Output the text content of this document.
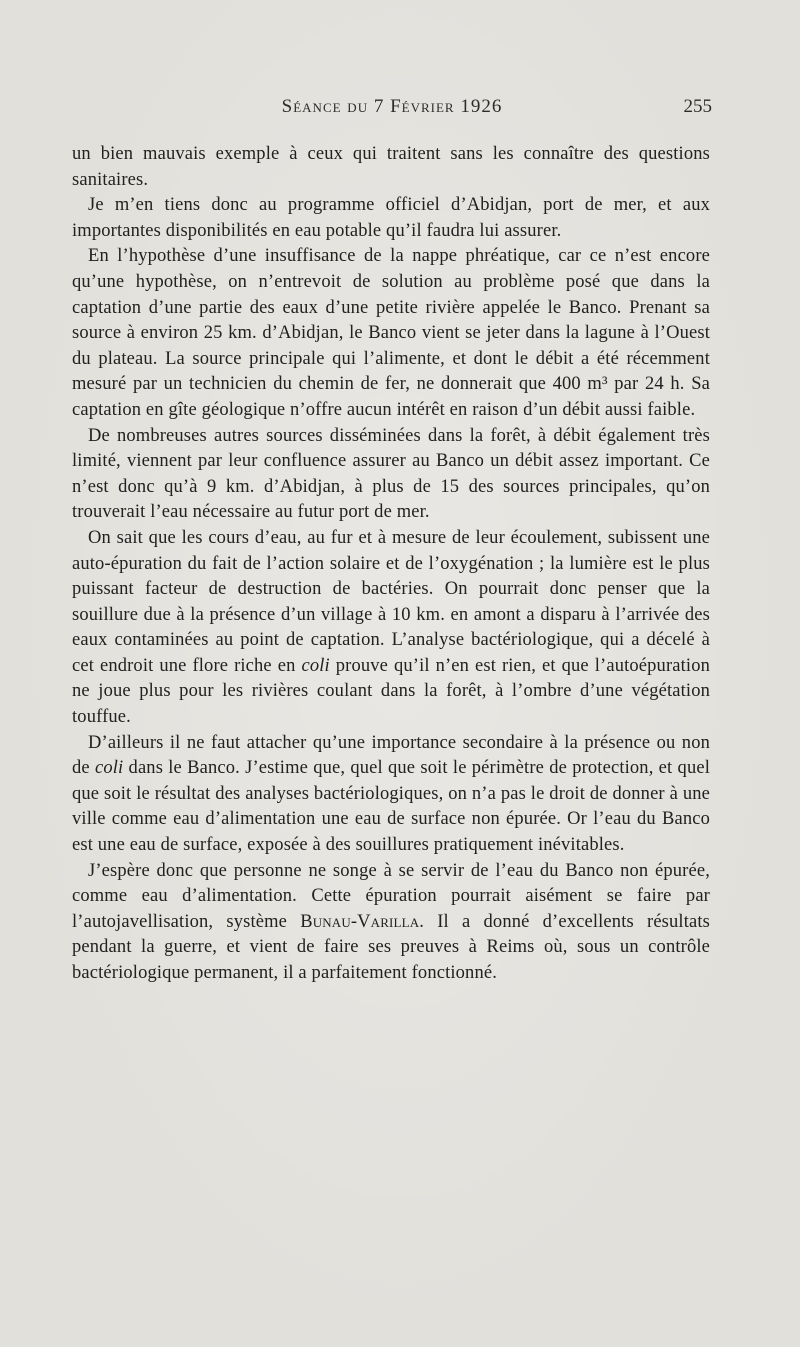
Séance du 7 Février 1926	255

un bien mauvais exemple à ceux qui traitent sans les connaître des questions sanitaires.

Je m’en tiens donc au programme officiel d’Abidjan, port de mer, et aux importantes disponibilités en eau potable qu’il faudra lui assurer.

En l’hypothèse d’une insuffisance de la nappe phréatique, car ce n’est encore qu’une hypothèse, on n’entrevoit de solution au problème posé que dans la captation d’une partie des eaux d’une petite rivière appelée le Banco. Prenant sa source à environ 25 km. d’Abidjan, le Banco vient se jeter dans la lagune à l’Ouest du plateau. La source principale qui l’alimente, et dont le débit a été récemment mesuré par un technicien du chemin de fer, ne donnerait que 400 m³ par 24 h. Sa captation en gîte géologique n’offre aucun intérêt en raison d’un débit aussi faible.

De nombreuses autres sources disséminées dans la forêt, à débit également très limité, viennent par leur confluence assurer au Banco un débit assez important. Ce n’est donc qu’à 9 km. d’Abidjan, à plus de 15 des sources principales, qu’on trouverait l’eau nécessaire au futur port de mer.

On sait que les cours d’eau, au fur et à mesure de leur écoulement, subissent une auto-épuration du fait de l’action solaire et de l’oxygénation ; la lumière est le plus puissant facteur de destruction de bactéries. On pourrait donc penser que la souillure due à la présence d’un village à 10 km. en amont a disparu à l’arrivée des eaux contaminées au point de captation. L’analyse bactériologique, qui a décelé à cet endroit une flore riche en coli prouve qu’il n’en est rien, et que l’autoépuration ne joue plus pour les rivières coulant dans la forêt, à l’ombre d’une végétation touffue.

D’ailleurs il ne faut attacher qu’une importance secondaire à la présence ou non de coli dans le Banco. J’estime que, quel que soit le périmètre de protection, et quel que soit le résultat des analyses bactériologiques, on n’a pas le droit de donner à une ville comme eau d’alimentation une eau de surface non épurée. Or l’eau du Banco est une eau de surface, exposée à des souillures pratiquement inévitables.

J’espère donc que personne ne songe à se servir de l’eau du Banco non épurée, comme eau d’alimentation. Cette épuration pourrait aisément se faire par l’autojavellisation, système Bunau-Varilla. Il a donné d’excellents résultats pendant la guerre, et vient de faire ses preuves à Reims où, sous un contrôle bactériologique permanent, il a parfaitement fonctionné.
